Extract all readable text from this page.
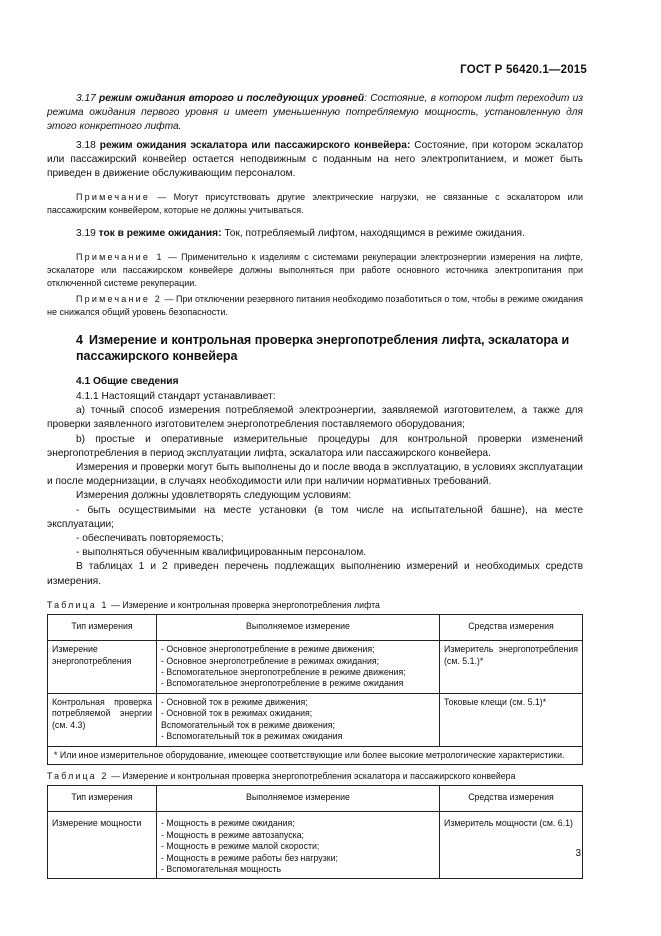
ГОСТ Р 56420.1—2015

3.17 режим ожидания второго и последующих уровней: Состояние, в котором лифт переходит из режима ожидания первого уровня и имеет уменьшенную потребляемую мощность, установленную для этого конкретного лифта.

3.18 режим ожидания эскалатора или пассажирского конвейера: Состояние, при котором эскалатор или пассажирский конвейер остается неподвижным с поданным на него электропитанием, и может быть приведен в движение обслуживающим персоналом.

Примечание — Могут присутствовать другие электрические нагрузки, не связанные с эскалатором или пассажирским конвейером, которые не должны учитываться.

3.19 ток в режиме ожидания: Ток, потребляемый лифтом, находящимся в режиме ожидания.

Примечание 1 — Применительно к изделиям с системами рекуперации электроэнергии измерения на лифте, эскалаторе или пассажирском конвейере должны выполняться при работе основного источника электропитания при отключенной системе рекуперации.

Примечание 2 — При отключении резервного питания необходимо позаботиться о том, чтобы в режиме ожидания не снижался общий уровень безопасности.

4 Измерение и контрольная проверка энергопотребления лифта, эскалатора и пассажирского конвейера
4.1 Общие сведения

4.1.1 Настоящий стандарт устанавливает:

а) точный способ измерения потребляемой электроэнергии, заявляемой изготовителем, а также для проверки заявленного изготовителем энергопотребления поставляемого оборудования;

b) простые и оперативные измерительные процедуры для контрольной проверки изменений энергопотребления в период эксплуатации лифта, эскалатора или пассажирского конвейера.

Измерения и проверки могут быть выполнены до и после ввода в эксплуатацию, в условиях эксплуатации и после модернизации, в случаях необходимости или при наличии нормативных требований.

Измерения должны удовлетворять следующим условиям:

- быть осуществимыми на месте установки (в том числе на испытательной башне), на месте эксплуатации;

- обеспечивать повторяемость;

- выполняться обученным квалифицированным персоналом.

В таблицах 1 и 2 приведен перечень подлежащих выполнению измерений и необходимых средств измерения.

Таблица 1 — Измерение и контрольная проверка энергопотребления лифта
Тип измерения	Выполняемое измерение	Средства измерения
Измерение энергопотребления	- Основное энергопотребление в режиме движения;
- Основное энергопотребление в режимах ожидания;
- Вспомогательное энергопотребление в режиме движения;
- Вспомогательное энергопотребление в режиме ожидания	Измеритель энергопотребления (см. 5.1.)*
Контрольная проверка потребляемой энергии (см. 4.3)	- Основной ток в режиме движения;
- Основной ток в режимах ожидания;
Вспомогательный ток в режиме движения;
- Вспомогательный ток в режимах ожидания	Токовые клещи (см. 5.1)*
* Или иное измерительное оборудование, имеющее соответствующие или более высокие метрологические характеристики.		
Таблица 2 — Измерение и контрольная проверка энергопотребления эскалатора и пассажирского конвейера
Тип измерения	Выполняемое измерение	Средства измерения
Измерение мощности	- Мощность в режиме ожидания;
- Мощность в режиме автозапуска;
- Мощность в режиме малой скорости;
- Мощность в режиме работы без нагрузки;
- Вспомогательная мощность	Измеритель мощности (см. 6.1)
3
